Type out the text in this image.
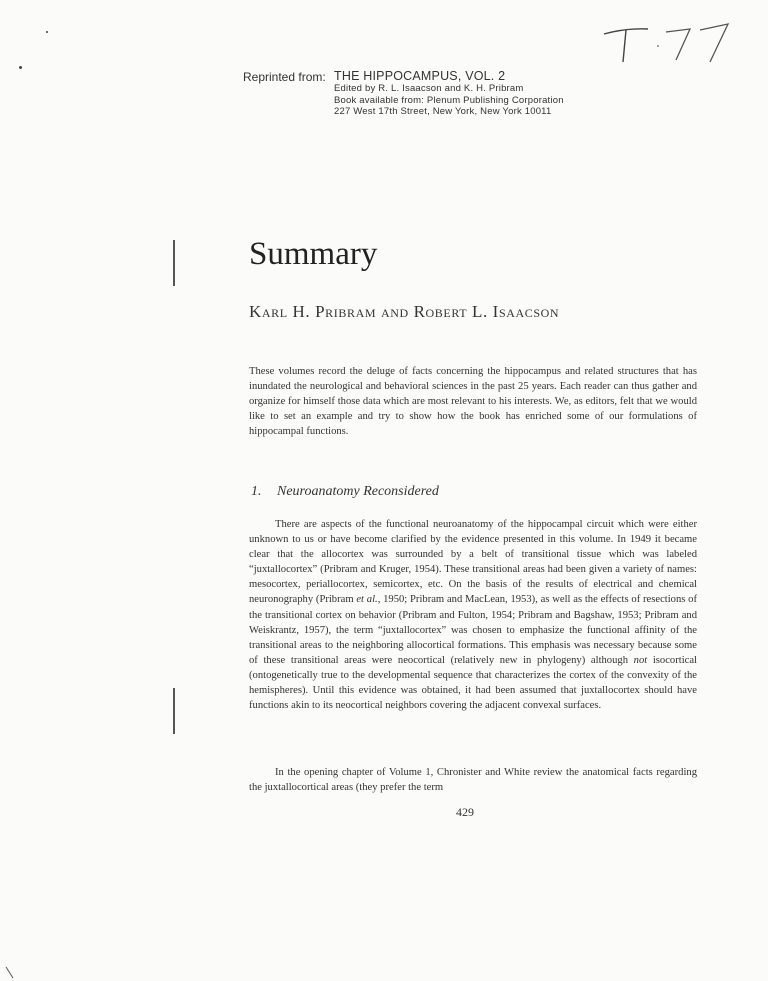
Reprinted from: THE HIPPOCAMPUS, VOL. 2
Edited by R. L. Isaacson and K. H. Pribram
Book available from: Plenum Publishing Corporation
227 West 17th Street, New York, New York 10011
Summary
Karl H. Pribram and Robert L. Isaacson

These volumes record the deluge of facts concerning the hippocampus and related structures that has inundated the neurological and behavioral sciences in the past 25 years. Each reader can thus gather and organize for himself those data which are most relevant to his interests. We, as editors, felt that we would like to set an example and try to show how the book has enriched some of our formulations of hippocampal functions.

1. Neuroanatomy Reconsidered

There are aspects of the functional neuroanatomy of the hippocampal circuit which were either unknown to us or have become clarified by the evidence presented in this volume. In 1949 it became clear that the allocortex was surrounded by a belt of transitional tissue which was labeled “juxtallocortex” (Pribram and Kruger, 1954). These transitional areas had been given a variety of names: mesocortex, periallocortex, semicortex, etc. On the basis of the results of electrical and chemical neuronography (Pribram et al., 1950; Pribram and MacLean, 1953), as well as the effects of resections of the transitional cortex on behavior (Pribram and Fulton, 1954; Pribram and Bagshaw, 1953; Pribram and Weiskrantz, 1957), the term “juxtallocortex” was chosen to emphasize the functional affinity of the transitional areas to the neighboring allocortical formations. This emphasis was necessary because some of these transitional areas were neocortical (relatively new in phylogeny) although not isocortical (ontogenetically true to the developmental sequence that characterizes the cortex of the convexity of the hemispheres). Until this evidence was obtained, it had been assumed that juxtallocortex should have functions akin to its neocortical neighbors covering the adjacent convexal surfaces.

In the opening chapter of Volume 1, Chronister and White review the anatomical facts regarding the juxtallocortical areas (they prefer the term

429
